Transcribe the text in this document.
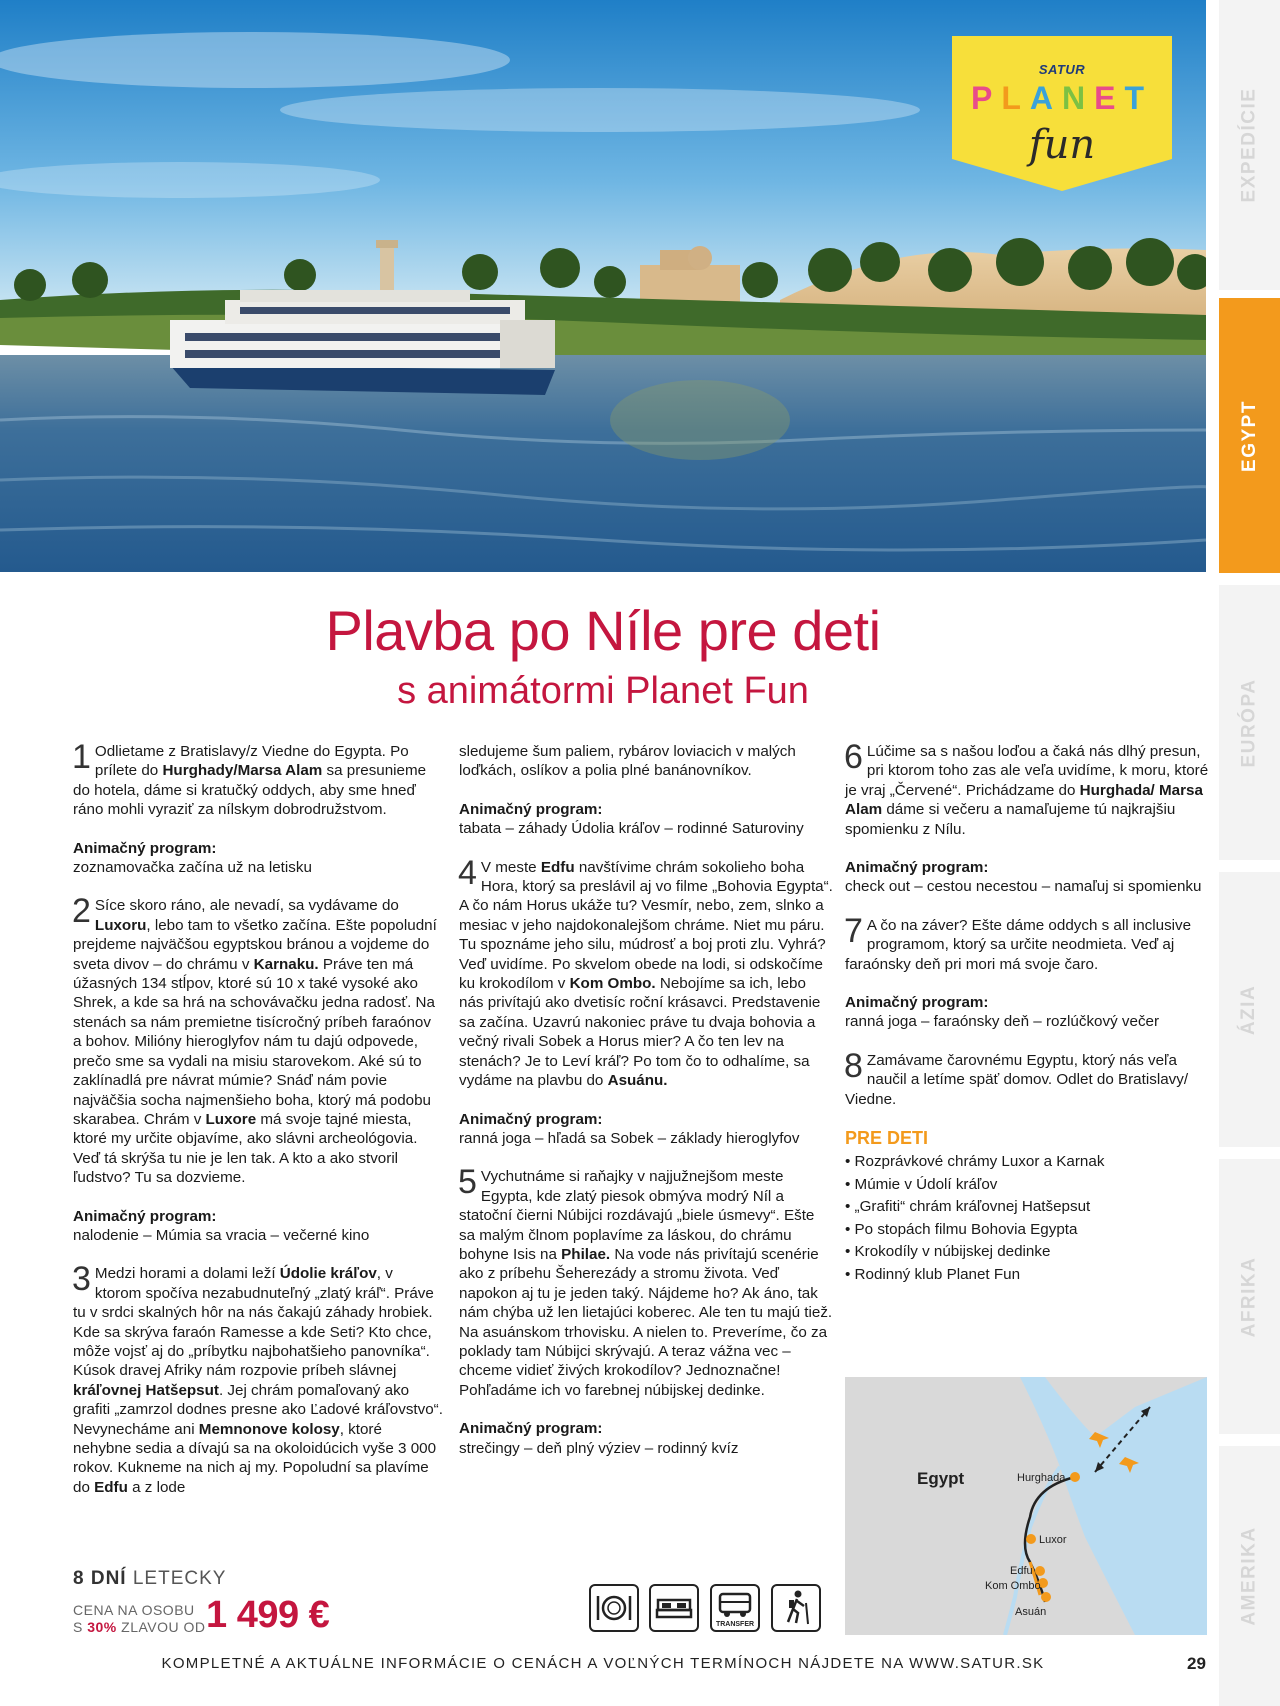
SATUR
PLANET
fun	EXPEDÍCIE
EGYPT
EURÓPA
ÁZIA
AFRIKA
AMERIKA
Plavba po Níle pre deti
s animátormi Planet Fun
1 Odlietame z Bratislavy/z Viedne do Egypta. Po prílete do Hurghady/Marsa Alam sa presunieme do hotela, dáme si kratučký oddych, aby sme hneď ráno mohli vyraziť za nílskym dobrodružstvom.
Animačný program:
zoznamovačka začína už na letisku
2 Síce skoro ráno, ale nevadí, sa vydávame do Luxoru, lebo tam to všetko začína. Ešte popoludní prejdeme najväčšou egyptskou bránou a vojdeme do sveta divov – do chrámu v Karnaku. Práve ten má úžasných 134 stĺpov, ktoré sú 10 x také vysoké ako Shrek, a kde sa hrá na schovávačku jedna radosť. Na stenách sa nám premietne tisícročný príbeh faraónov a bohov. Milióny hieroglyfov nám tu dajú odpovede, prečo sme sa vydali na misiu starovekom. Aké sú to zaklínadlá pre návrat múmie? Snáď nám povie najväčšia socha najmenšieho boha, ktorý má podobu skarabea. Chrám v Luxore má svoje tajné miesta, ktoré my určite objavíme, ako slávni archeológovia. Veď tá skrýša tu nie je len tak. A kto a ako stvoril ľudstvo? Tu sa dozvieme.
Animačný program:
nalodenie – Múmia sa vracia – večerné kino
3 Medzi horami a dolami leží Údolie kráľov, v ktorom spočíva nezabudnuteľný „zlatý kráľ“. Práve tu v srdci skalných hôr na nás čakajú záhady hrobiek. Kde sa skrýva faraón Ramesse a kde Seti? Kto chce, môže vojsť aj do „príbytku najbohatšieho panovníka“. Kúsok dravej Afriky nám rozpovie príbeh slávnej kráľovnej Hatšepsut. Jej chrám pomaľovaný ako grafiti „zamrzol dodnes presne ako Ľadové kráľovstvo“. Nevynecháme ani Memnonove kolosy, ktoré nehybne sedia a dívajú sa na okoloidúcich vyše 3 000 rokov. Kukneme na nich aj my. Popoludní sa plavíme do Edfu a z lode
sledujeme šum paliem, rybárov loviacich v malých loďkách, oslíkov a polia plné banánovníkov.
Animačný program:
tabata – záhady Údolia kráľov – rodinné Saturoviny
4 V meste Edfu navštívime chrám sokolieho boha Hora, ktorý sa preslávil aj vo filme „Bohovia Egypta“. A čo nám Horus ukáže tu? Vesmír, nebo, zem, slnko a mesiac v jeho najdokonalejšom chráme. Niet mu páru. Tu spoznáme jeho silu, múdrosť a boj proti zlu. Vyhrá? Veď uvidíme. Po skvelom obede na lodi, si odskočíme ku krokodílom v Kom Ombo. Nebojíme sa ich, lebo nás privítajú ako dvetisíc roční krásavci. Predstavenie sa začína. Uzavrú nakoniec práve tu dvaja bohovia a večný rivali Sobek a Horus mier? A čo ten lev na stenách? Je to Leví kráľ? Po tom čo to odhalíme, sa vydáme na plavbu do Asuánu.
Animačný program:
ranná joga – hľadá sa Sobek – základy hieroglyfov
5 Vychutnáme si raňajky v najjužnejšom meste Egypta, kde zlatý piesok obmýva modrý Níl a statoční čierni Núbijci rozdávajú „biele úsmevy“. Ešte sa malým člnom poplavíme za láskou, do chrámu bohyne Isis na Philae. Na vode nás privítajú scenérie ako z príbehu Šeherezády a stromu života. Veď napokon aj tu je jeden taký. Nájdeme ho? Ak áno, tak nám chýba už len lietajúci koberec. Ale ten tu majú tiež. Na asuánskom trhovisku. A nielen to. Preveríme, čo za poklady tam Núbijci skrývajú. A teraz vážna vec – chceme vidieť živých krokodílov? Jednoznačne! Pohľadáme ich vo farebnej núbijskej dedinke.
Animačný program:
strečingy – deň plný výziev – rodinný kvíz
6 Lúčime sa s našou loďou a čaká nás dlhý presun, pri ktorom toho zas ale veľa uvidíme, k moru, ktoré je vraj „Červené“. Prichádzame do Hurghada/ Marsa Alam dáme si večeru a namaľujeme tú najkrajšiu spomienku z Nílu.
Animačný program:
check out – cestou necestou – namaľuj si spomienku
7 A čo na záver? Ešte dáme oddych s all inclusive programom, ktorý sa určite neodmieta. Veď aj faraónsky deň pri mori má svoje čaro.
Animačný program:
ranná joga – faraónsky deň – rozlúčkový večer
8 Zamávame čarovnému Egyptu, ktorý nás veľa naučil a letíme späť domov. Odlet do Bratislavy/ Viedne.
PRE DETI
• Rozprávkové chrámy Luxor a Karnak
• Múmie v Údolí kráľov
• „Grafiti“ chrám kráľovnej Hatšepsut
• Po stopách filmu Bohovia Egypta
• Krokodíly v núbijskej dedinke
• Rodinný klub Planet Fun
Egypt	Hurghada
Luxor
Edfu
Kom Ombo
Asuán
8 DNÍ LETECKY
CENA NA OSOBU
S 30% ZLAVOU OD 1 499 €	TRANSFER
KOMPLETNÉ A AKTUÁLNE INFORMÁCIE O CENÁCH A VOĽNÝCH TERMÍNOCH NÁJDETE NA WWW.SATUR.SK	29
